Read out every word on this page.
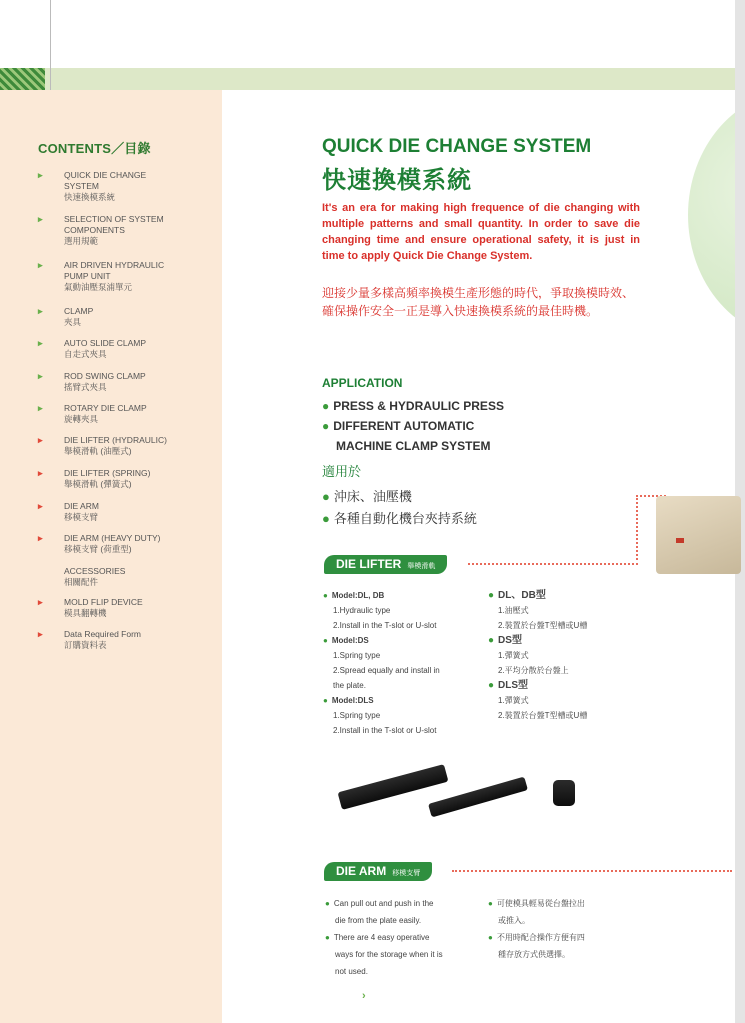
CONTENTS／目錄
▸	QUICK DIE CHANGE
SYSTEM
快速換模系統
▸	SELECTION OF SYSTEM
COMPONENTS
選用規範
▸	AIR DRIVEN HYDRAULIC
PUMP UNIT
氣動油壓泵浦單元
▸	CLAMP
夾具
▸	AUTO SLIDE CLAMP
自走式夾具
▸	ROD SWING CLAMP
搖臂式夾具
▸	ROTARY DIE CLAMP
旋轉夾具
▸	DIE LIFTER (HYDRAULIC)
舉模滑軌 (油壓式)
▸	DIE LIFTER (SPRING)
舉模滑軌 (彈簧式)
▸	DIE ARM
移模支臂
▸	DIE ARM (HEAVY DUTY)
移模支臂 (荷重型)
ACCESSORIES
相關配件
▸	MOLD FLIP DEVICE
模具翻轉機
▸	Data Required Form
訂購資料表
QUICK DIE CHANGE SYSTEM
快速換模系統
It's an era for making high frequence of die changing with multiple patterns and small quantity. In order to save die changing time and ensure operational safety, it is just in time to apply Quick Die Change System.
迎接少量多樣高頻率換模生產形態的時代，爭取換模時效、確保操作安全一正是導入快速換模系統的最佳時機。
APPLICATION
● PRESS & HYDRAULIC PRESS
● DIFFERENT AUTOMATIC
MACHINE CLAMP SYSTEM
適用於
● 沖床、油壓機
● 各種自動化機台夾持系統
DIE LIFTER 舉模滑軌
● Model:DL, DB
1.Hydraulic type
2.Install in the T-slot or U-slot
● Model:DS
1.Spring type
2.Spread equally and install in
the plate.
● Model:DLS
1.Spring type
2.Install in the T-slot or U-slot
● DL、DB型
1.油壓式
2.裝置於台盤T型槽或U槽
● DS型
1.彈簧式
2.平均分散於台盤上
● DLS型
1.彈簧式
2.裝置於台盤T型槽或U槽
DIE ARM 移模支臂
● Can pull out and push in the
die from the plate easily.
● There are 4 easy operative
ways for the storage when it is
not used.
● 可使模具輕易從台盤拉出
或推入。
● 不用時配合操作方便有四
種存放方式供選擇。
›
